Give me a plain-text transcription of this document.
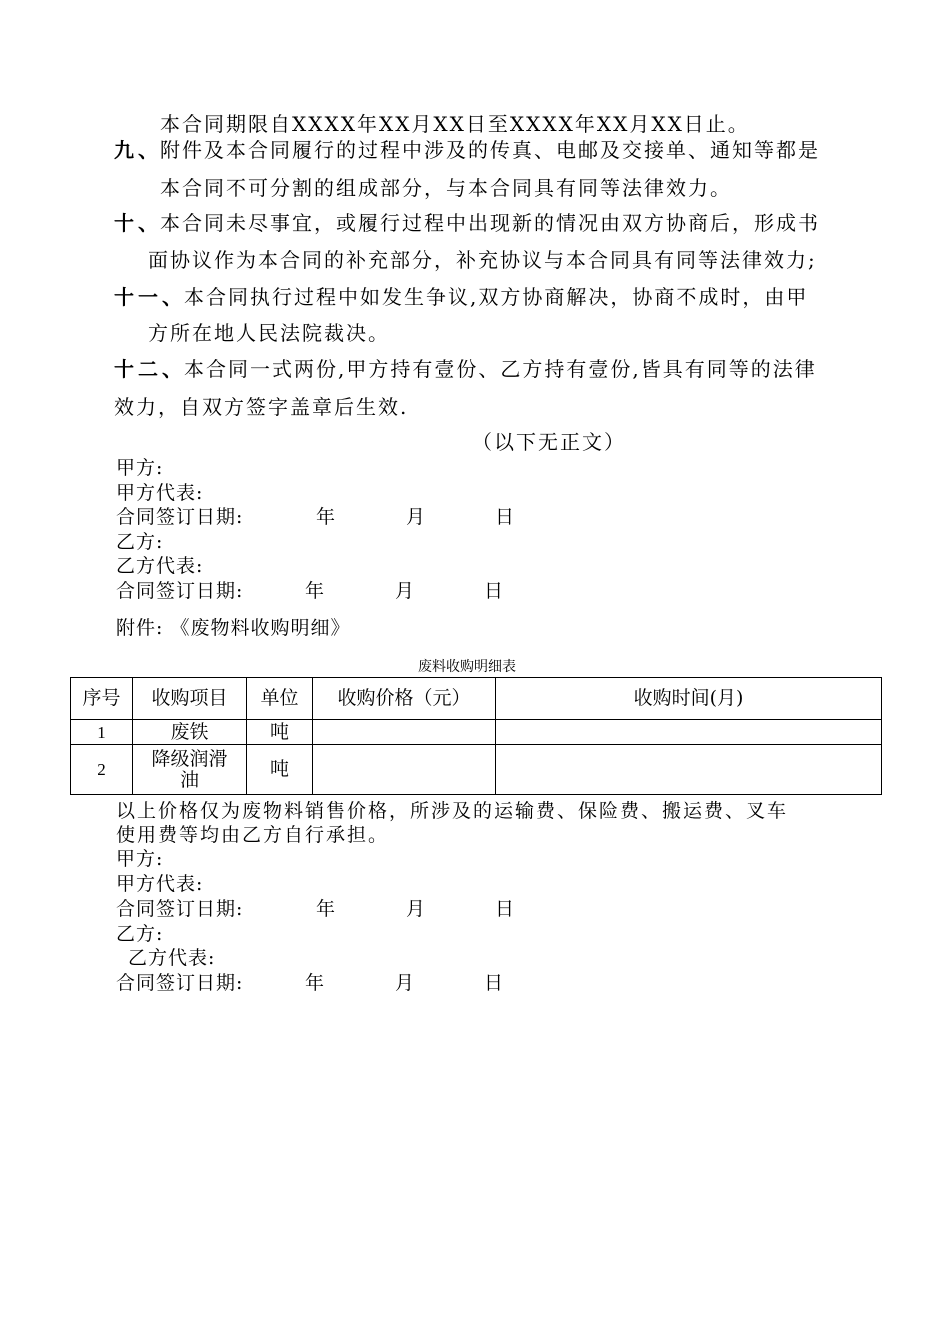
本合同期限自XXXX年XX月XX日至XXXX年XX月XX日止。
九、
附件及本合同履行的过程中涉及的传真、电邮及交接单、通知等都是
本合同不可分割的组成部分，与本合同具有同等法律效力。
十、
本合同未尽事宜，或履行过程中出现新的情况由双方协商后，形成书
面协议作为本合同的补充部分，补充协议与本合同具有同等法律效力;
十一、
本合同执行过程中如发生争议,双方协商解决，协商不成时，由甲
方所在地人民法院裁决。
十二、
本合同一式两份,甲方持有壹份、乙方持有壹份,皆具有同等的法律
效力，自双方签字盖章后生效.
（以下无正文）
甲方:
甲方代表:
合同签订日期:	年	月	日
乙方:
乙方代表:
合同签订日期:	年	月	日
附件: 《废物料收购明细》
废料收购明细表
序号	收购项目	单位	收购价格（元）	收购时间(月)
1	废铁	吨		
2	降级润滑油	吨		
以上价格仅为废物料销售价格，所涉及的运输费、保险费、搬运费、叉车
使用费等均由乙方自行承担。
甲方:
甲方代表:
合同签订日期:	年	月	日
乙方:
乙方代表:
合同签订日期:	年	月	日
